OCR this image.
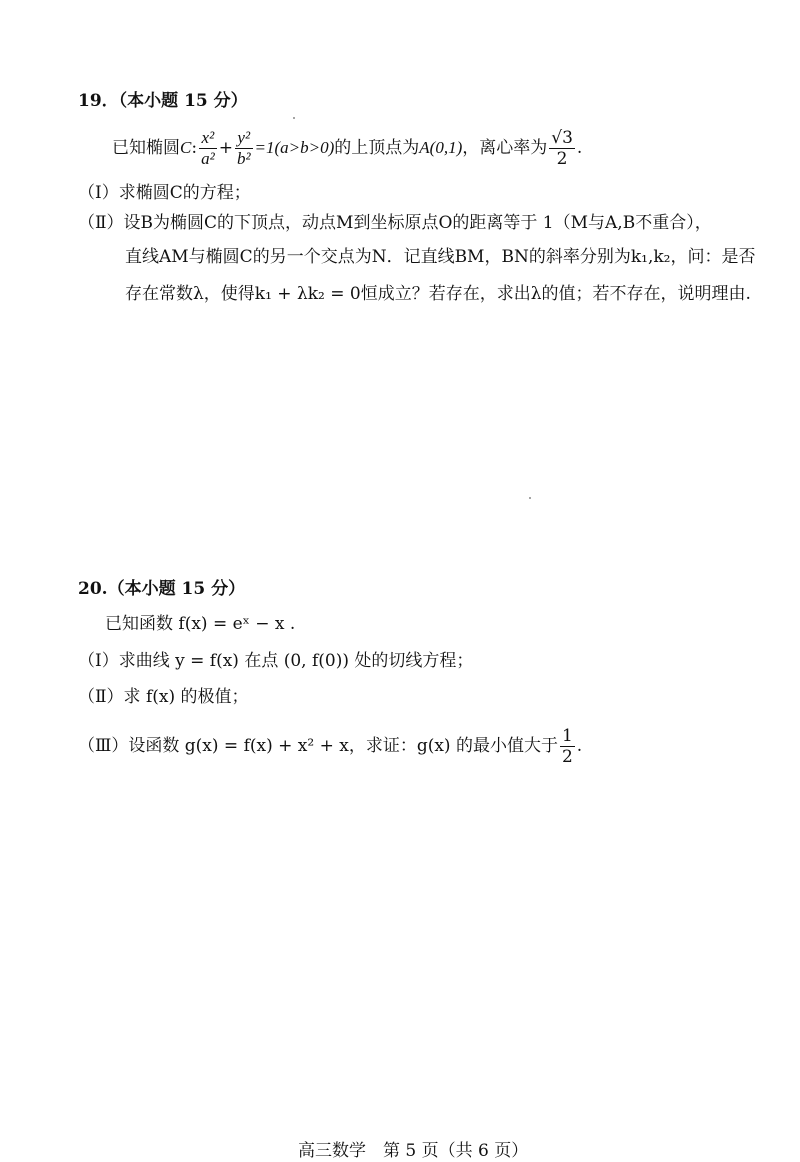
19．（本小题 15 分）
已知椭圆C: $\frac{\text{x²}}{\text{a²}} + \frac{\text{y²}}{\text{b²}} =1(a>b>0)$的上顶点为A(0,1)，离心率为 $\frac{√3}{2}$ .
（Ⅰ）求椭圆C的方程；
（Ⅱ）设B为椭圆C的下顶点，动点M到坐标原点O的距离等于 1（M与A,B不重合），
直线AM与椭圆C的另一个交点为N．记直线BM，BN的斜率分别为k₁,k₂，问：是否
存在常数λ，使得k₁ + λk₂ = 0恒成立？若存在，求出λ的值；若不存在，说明理由.
20.（本小题 15 分）
已知函数 f(x) = eˣ − x .
（Ⅰ）求曲线 y = f(x) 在点 (0, f(0)) 处的切线方程；
（Ⅱ）求 f(x) 的极值；
（Ⅲ）设函数 g(x) = f(x) + x² + x，求证：g(x) 的最小值大于 $\frac{1}{2}$ .
高三数学　第 5 页（共 6 页）
